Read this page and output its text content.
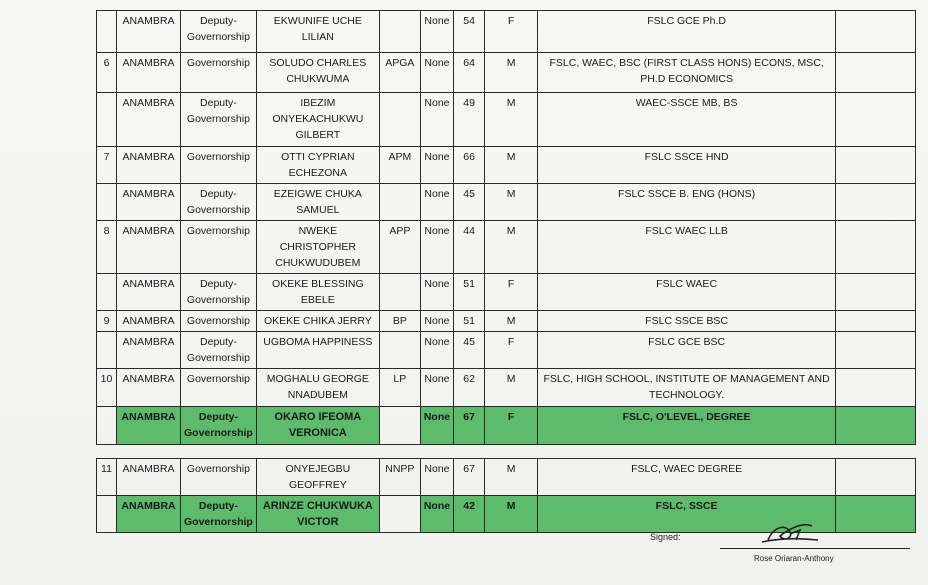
	ANAMBRA	Deputy-Governorship	EKWUNIFE UCHE LILIAN		None	54	F	FSLC GCE Ph.D	
6	ANAMBRA	Governorship	SOLUDO CHARLES CHUKWUMA	APGA	None	64	M	FSLC, WAEC, BSC (FIRST CLASS HONS) ECONS, MSC, PH.D ECONOMICS	
	ANAMBRA	Deputy-Governorship	IBEZIM ONYEKACHUKWU GILBERT		None	49	M	WAEC-SSCE MB, BS	
7	ANAMBRA	Governorship	OTTI CYPRIAN ECHEZONA	APM	None	66	M	FSLC SSCE HND	
	ANAMBRA	Deputy-Governorship	EZEIGWE CHUKA SAMUEL		None	45	M	FSLC SSCE B. ENG (HONS)	
8	ANAMBRA	Governorship	NWEKE CHRISTOPHER CHUKWUDUBEM	APP	None	44	M	FSLC WAEC LLB	
	ANAMBRA	Deputy-Governorship	OKEKE BLESSING EBELE		None	51	F	FSLC WAEC	
9	ANAMBRA	Governorship	OKEKE CHIKA JERRY	BP	None	51	M	FSLC SSCE BSC	
	ANAMBRA	Deputy-Governorship	UGBOMA HAPPINESS		None	45	F	FSLC GCE BSC	
10	ANAMBRA	Governorship	MOGHALU GEORGE NNADUBEM	LP	None	62	M	FSLC, HIGH SCHOOL, INSTITUTE OF MANAGEMENT AND TECHNOLOGY.	
	ANAMBRA	Deputy-Governorship	OKARO IFEOMA VERONICA		None	67	F	FSLC, O'LEVEL, DEGREE	
11	ANAMBRA	Governorship	ONYEJEGBU GEOFFREY	NNPP	None	67	M	FSLC, WAEC DEGREE	
	ANAMBRA	Deputy-Governorship	ARINZE CHUKWUKA VICTOR		None	42	M	FSLC, SSCE	
Signed:
Rose Oriaran-Anthony
